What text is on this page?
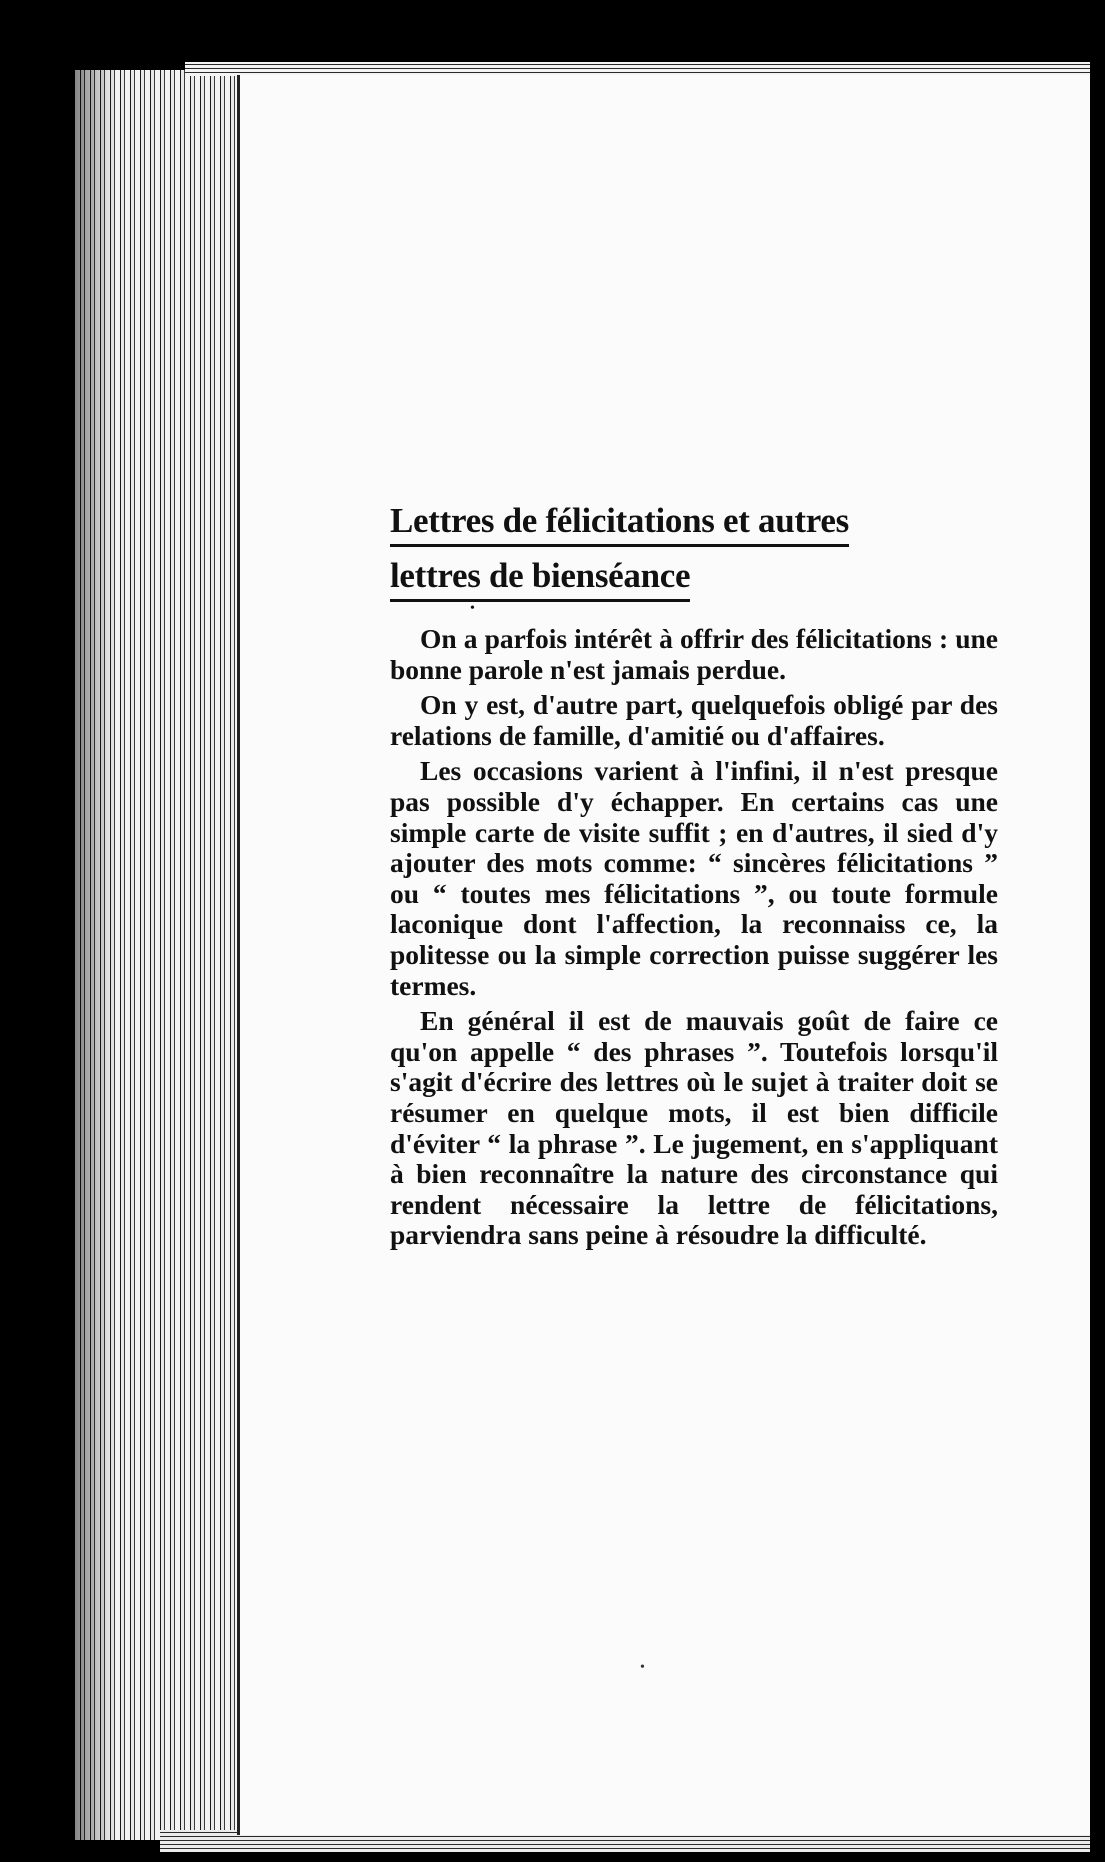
Lettres de félicitations et autres
lettres de bienséance
•

On a parfois intérêt à offrir des félicitations : une bonne parole n'est jamais perdue.

On y est, d'autre part, quelquefois obligé par des relations de famille, d'amitié ou d'affaires.

Les occasions varient à l'infini, il n'est presque pas possible d'y échapper. En certains cas une simple carte de visite suffit ; en d'autres, il sied d'y ajouter des mots comme: “ sincères félicitations ” ou “ toutes mes félicitations ”, ou toute formule laconique dont l'affection, la reconnaiss ce, la politesse ou la simple correction puisse suggérer les termes.

En général il est de mauvais goût de faire ce qu'on appelle “ des phrases ”. Toutefois lorsqu'il s'agit d'écrire des lettres où le sujet à traiter doit se résumer en quelque mots, il est bien difficile d'éviter “ la phrase ”. Le jugement, en s'appliquant à bien reconnaître la nature des circonstance qui rendent nécessaire la lettre de félicitations, parviendra sans peine à résoudre la difficulté.

•
